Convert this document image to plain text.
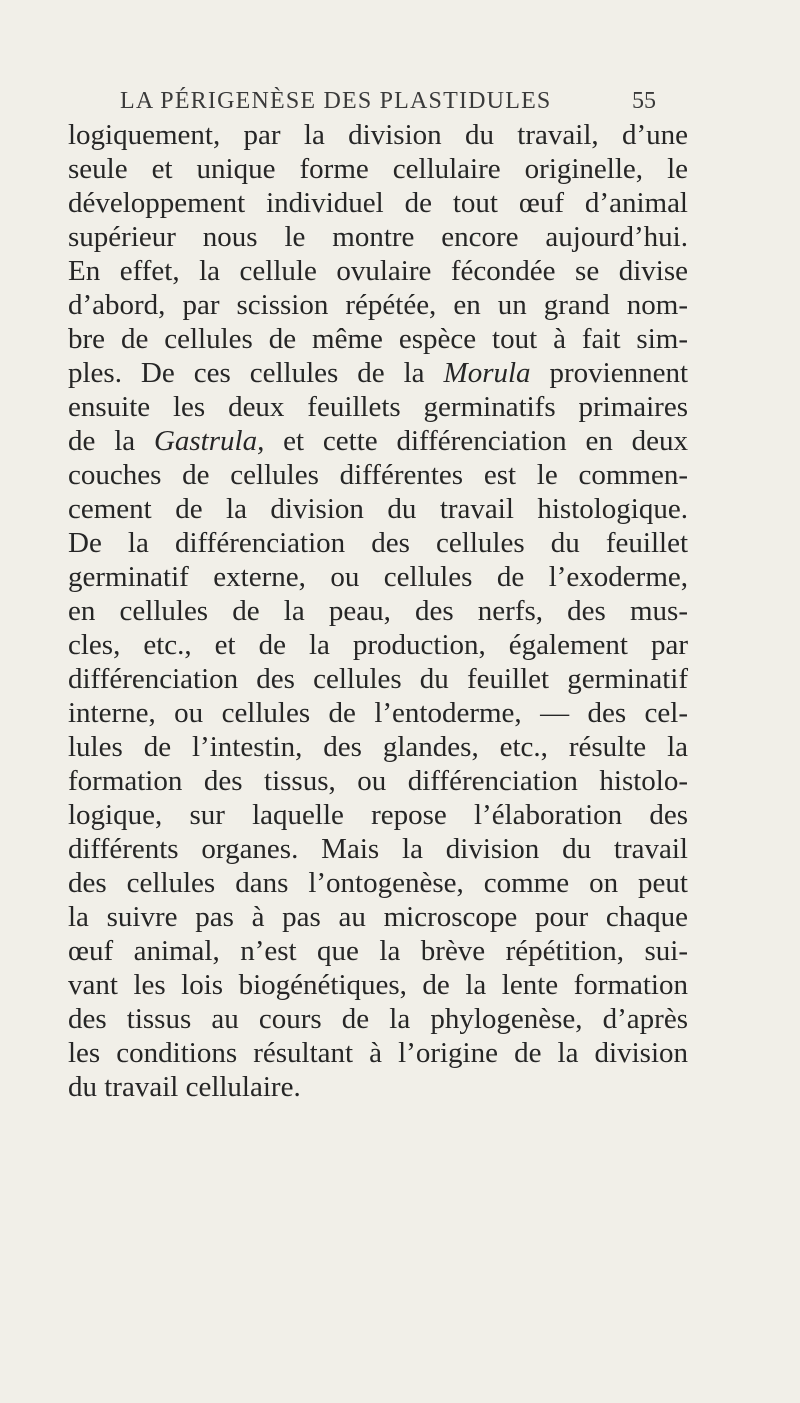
LA PÉRIGENÈSE DES PLASTIDULES	55
logiquement, par la division du travail, d’une
seule et unique forme cellulaire originelle, le
développement individuel de tout œuf d’animal
supérieur nous le montre encore aujourd’hui.
En effet, la cellule ovulaire fécondée se divise
d’abord, par scission répétée, en un grand nom-
bre de cellules de même espèce tout à fait sim-
ples. De ces cellules de la Morula proviennent
ensuite les deux feuillets germinatifs primaires
de la Gastrula, et cette différenciation en deux
couches de cellules différentes est le commen-
cement de la division du travail histologique.
De la différenciation des cellules du feuillet
germinatif externe, ou cellules de l’exoderme,
en cellules de la peau, des nerfs, des mus-
cles, etc., et de la production, également par
différenciation des cellules du feuillet germinatif
interne, ou cellules de l’entoderme, — des cel-
lules de l’intestin, des glandes, etc., résulte la
formation des tissus, ou différenciation histolo-
logique, sur laquelle repose l’élaboration des
différents organes. Mais la division du travail
des cellules dans l’ontogenèse, comme on peut
la suivre pas à pas au microscope pour chaque
œuf animal, n’est que la brève répétition, sui-
vant les lois biogénétiques, de la lente formation
des tissus au cours de la phylogenèse, d’après
les conditions résultant à l’origine de la division
du travail cellulaire.
